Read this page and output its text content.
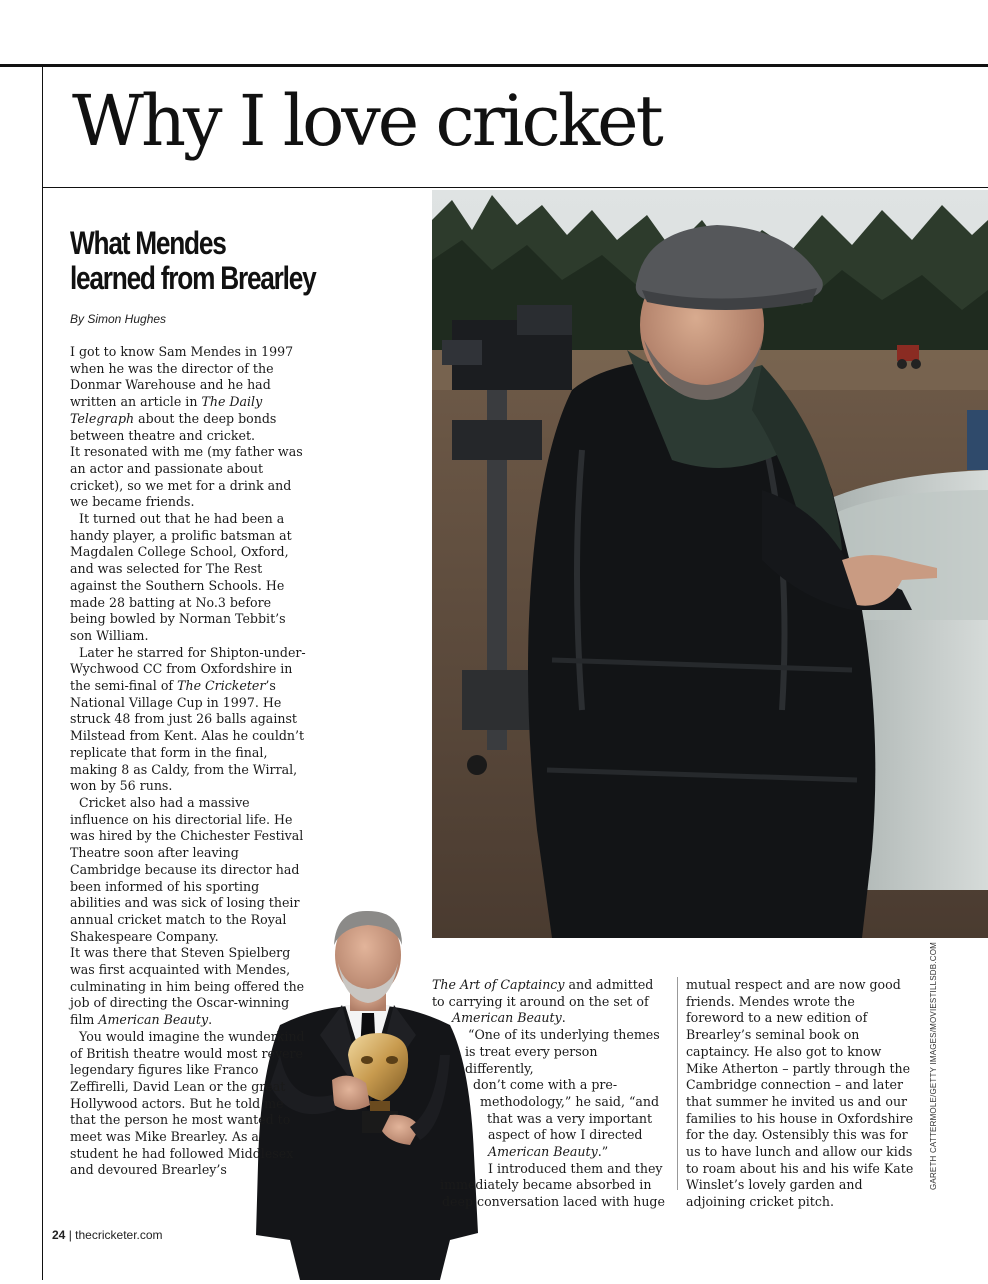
Why I love cricket
What Mendes learned from Brearley
By Simon Hughes

I got to know Sam Mendes in 1997 when he was the director of the Donmar Warehouse and he had written an article in The Daily Telegraph about the deep bonds between theatre and cricket.

It resonated with me (my father was an actor and passionate about cricket), so we met for a drink and we became friends.

It turned out that he had been a handy player, a prolific batsman at Magdalen College School, Oxford, and was selected for The Rest against the Southern Schools. He made 28 batting at No.3 before being bowled by Norman Tebbit’s son William.

Later he starred for Shipton-under-Wychwood CC from Oxfordshire in the semi-final of The Cricketer’s National Village Cup in 1997. He struck 48 from just 26 balls against Milstead from Kent. Alas he couldn’t replicate that form in the final, making 8 as Caldy, from the Wirral, won by 56 runs.

Cricket also had a massive influence on his directorial life. He was hired by the Chichester Festival Theatre soon after leaving Cambridge because its director had been informed of his sporting abilities and was sick of losing their annual cricket match to the Royal Shakespeare Company.

It was there that Steven Spielberg was first acquainted with Mendes, culminating in him being offered the job of directing the Oscar-winning film American Beauty.

You would imagine the wunderkind of British theatre would most revere legendary figures like Franco Zeffirelli, David Lean or the great Hollywood actors. But he told me that the person he most wanted to meet was Mike Brearley. As a student he had followed Middlesex and devoured Brearley’s

The Art of Captaincy and admitted
to carrying it around on the set of
American Beauty.
“One of its underlying themes
is treat every person differently,
don’t come with a pre-
methodology,” he said, “and
that was a very important
aspect of how I directed
American Beauty.”
I introduced them and they
immediately became absorbed in
deep conversation laced with huge

mutual respect and are now good friends. Mendes wrote the foreword to a new edition of Brearley’s seminal book on captaincy. He also got to know Mike Atherton – partly through the Cambridge connection – and later that summer he invited us and our families to his house in Oxfordshire for the day. Ostensibly this was for us to have lunch and allow our kids to roam about his and his wife Kate Winslet’s lovely garden and adjoining cricket pitch.

GARETH CATTERMOLE/GETTY IMAGES/MOVIESTILLSDB.COM
24 | thecricketer.com
